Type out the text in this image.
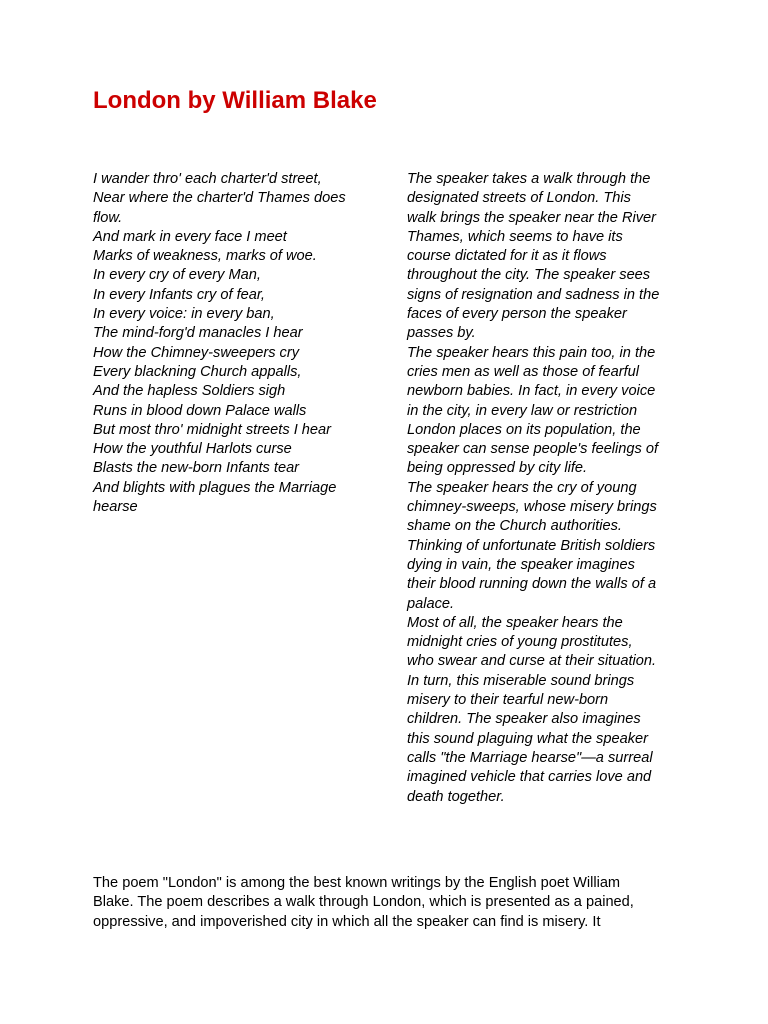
London by William Blake
I wander thro' each charter'd street,
Near where the charter'd Thames does
flow.
And mark in every face I meet
Marks of weakness, marks of woe.
In every cry of every Man,
In every Infants cry of fear,
In every voice: in every ban,
The mind-forg'd manacles I hear
How the Chimney-sweepers cry
Every blackning Church appalls,
And the hapless Soldiers sigh
Runs in blood down Palace walls
But most thro' midnight streets I hear
How the youthful Harlots curse
Blasts the new-born Infants tear
And blights with plagues the Marriage
hearse
The speaker takes a walk through the
designated streets of London. This
walk brings the speaker near the River
Thames, which seems to have its
course dictated for it as it flows
throughout the city. The speaker sees
signs of resignation and sadness in the
faces of every person the speaker
passes by.
The speaker hears this pain too, in the
cries men as well as those of fearful
newborn babies. In fact, in every voice
in the city, in every law or restriction
London places on its population, the
speaker can sense people's feelings of
being oppressed by city life.
The speaker hears the cry of young
chimney-sweeps, whose misery brings
shame on the Church authorities.
Thinking of unfortunate British soldiers
dying in vain, the speaker imagines
their blood running down the walls of a
palace.
Most of all, the speaker hears the
midnight cries of young prostitutes,
who swear and curse at their situation.
In turn, this miserable sound brings
misery to their tearful new-born
children. The speaker also imagines
this sound plaguing what the speaker
calls "the Marriage hearse"—a surreal
imagined vehicle that carries love and
death together.

The poem "London" is among the best known writings by the English poet William
Blake. The poem describes a walk through London, which is presented as a pained,
oppressive, and impoverished city in which all the speaker can find is misery. It
